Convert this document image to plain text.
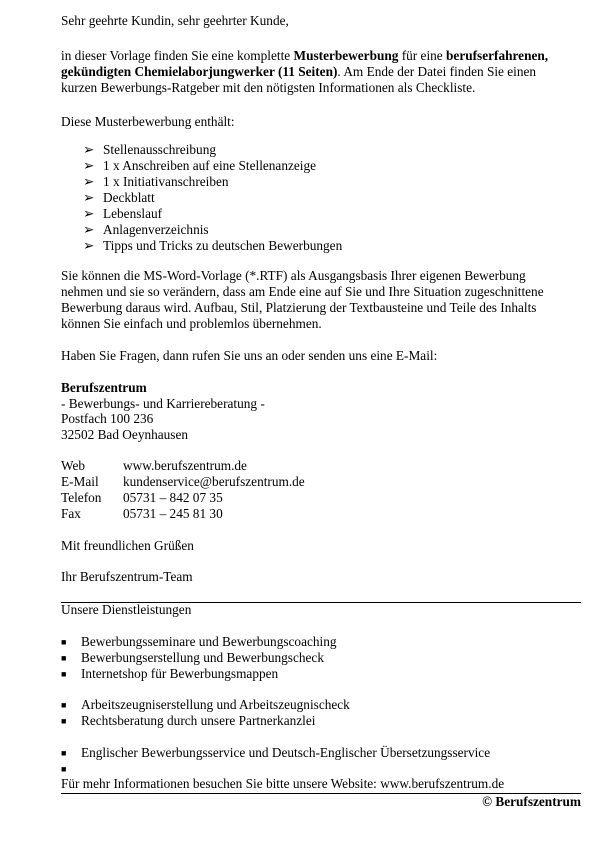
Sehr geehrte Kundin, sehr geehrter Kunde,
in dieser Vorlage finden Sie eine komplette Musterbewerbung für eine berufserfahrenen,
gekündigten Chemielaborjungwerker (11 Seiten). Am Ende der Datei finden Sie einen
kurzen Bewerbungs-Ratgeber mit den nötigsten Informationen als Checkliste.
Diese Musterbewerbung enthält:
➢ Stellenausschreibung
➢ 1 x Anschreiben auf eine Stellenanzeige
➢ 1 x Initiativanschreiben
➢ Deckblatt
➢ Lebenslauf
➢ Anlagenverzeichnis
➢ Tipps und Tricks zu deutschen Bewerbungen
Sie können die MS-Word-Vorlage (*.RTF) als Ausgangsbasis Ihrer eigenen Bewerbung
nehmen und sie so verändern, dass am Ende eine auf Sie und Ihre Situation zugeschnittene
Bewerbung daraus wird. Aufbau, Stil, Platzierung der Textbausteine und Teile des Inhalts
können Sie einfach und problemlos übernehmen.
Haben Sie Fragen, dann rufen Sie uns an oder senden uns eine E-Mail:
Berufszentrum
- Bewerbungs- und Karriereberatung -
Postfach 100 236
32502 Bad Oeynhausen
Web	www.berufszentrum.de
E-Mail kundenservice@berufszentrum.de
Telefon 05731 – 842 07 35
Fax	05731 – 245 81 30
Mit freundlichen Grüßen
Ihr Berufszentrum-Team
Unsere Dienstleistungen
■ Bewerbungsseminare und Bewerbungscoaching
■ Bewerbungserstellung und Bewerbungscheck
■ Internetshop für Bewerbungsmappen
■ Arbeitszeugniserstellung und Arbeitszeugnischeck
■ Rechtsberatung durch unsere Partnerkanzlei
■ Englischer Bewerbungsservice und Deutsch-Englischer Übersetzungsservice
■
Für mehr Informationen besuchen Sie bitte unsere Website: www.berufszentrum.de
© Berufszentrum
